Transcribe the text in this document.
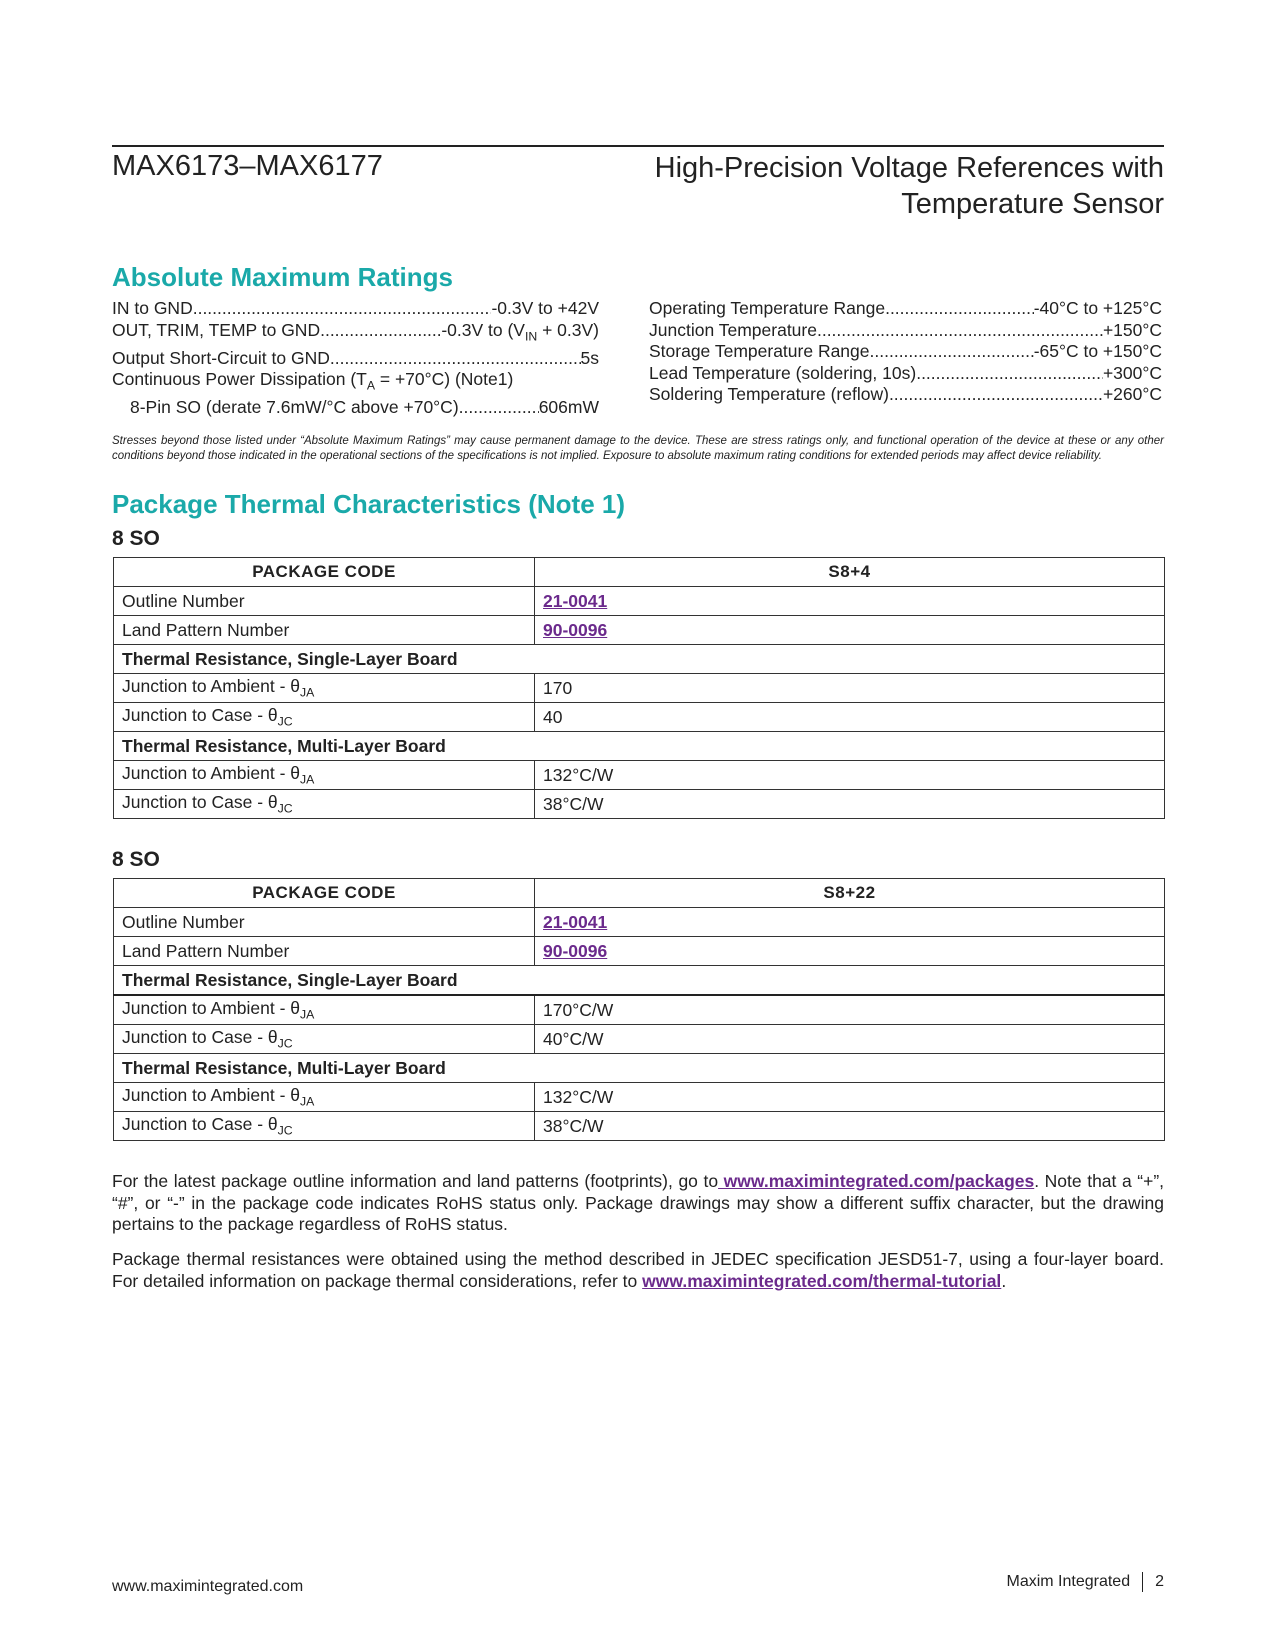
MAX6173–MAX6177	High-Precision Voltage References with
Temperature Sensor
Absolute Maximum Ratings
IN to GND .....	-0.3V to +42V
OUT, TRIM, TEMP to GND .....	-0.3V to $(V_{IN} + 0.3V)$
Output Short-Circuit to GND .....	5s
Continuous Power Dissipation $(T_A = +70^\circ C)$ (Note1)
8-Pin SO (derate 7.6mW/°C above +70°C) .....	606mW
Operating Temperature Range .....	-40°C to +125°C
Junction Temperature .....	+150°C
Storage Temperature Range .....	-65°C to +150°C
Lead Temperature (soldering, 10s) .....	+300°C
Soldering Temperature (reflow) .....	+260°C
Stresses beyond those listed under “Absolute Maximum Ratings” may cause permanent damage to the device. These are stress ratings only, and functional operation of the device at these or any other conditions beyond those indicated in the operational sections of the specifications is not implied. Exposure to absolute maximum rating conditions for extended periods may affect device reliability.
Package Thermal Characteristics (Note 1)
8 SO
PACKAGE CODE	S8+4
Outline Number	21-0041
Land Pattern Number	90-0096
Thermal Resistance, Single-Layer Board	
Junction to Ambient - $\theta_{JA}$	170
Junction to Case - $\theta_{JC}$	40
Thermal Resistance, Multi-Layer Board	
Junction to Ambient - $\theta_{JA}$	132°C/W
Junction to Case - $\theta_{JC}$	38°C/W
8 SO
PACKAGE CODE	S8+22
Outline Number	21-0041
Land Pattern Number	90-0096
Thermal Resistance, Single-Layer Board	
Junction to Ambient - $\theta_{JA}$	170°C/W
Junction to Case - $\theta_{JC}$	40°C/W
Thermal Resistance, Multi-Layer Board	
Junction to Ambient - $\theta_{JA}$	132°C/W
Junction to Case - $\theta_{JC}$	38°C/W
For the latest package outline information and land patterns (footprints), go to www.maximintegrated.com/packages. Note that a “+”, “#”, or “-” in the package code indicates RoHS status only. Package drawings may show a different suffix character, but the drawing pertains to the package regardless of RoHS status.
Package thermal resistances were obtained using the method described in JEDEC specification JESD51-7, using a four-layer board. For detailed information on package thermal considerations, refer to www.maximintegrated.com/thermal-tutorial.
www.maximintegrated.com	Maxim Integrated 2
